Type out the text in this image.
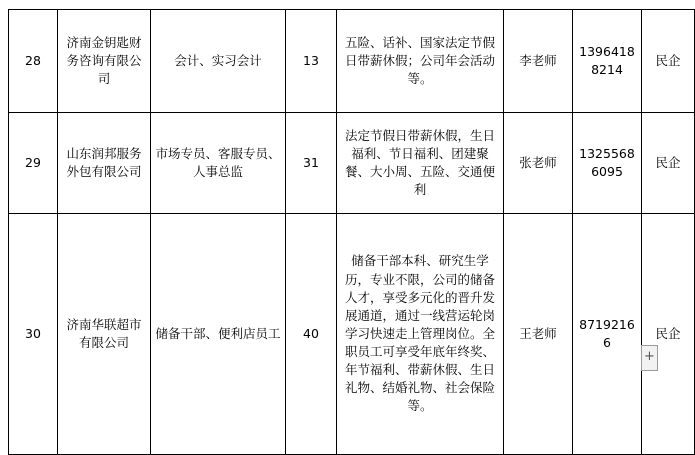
28	济南金钥匙财务咨询有限公司	会计、实习会计	13	五险、话补、国家法定节假日带薪休假；公司年会活动等。	李老师	13964188214	民企
29	山东润邦服务外包有限公司	市场专员、客服专员、人事总监	31	法定节假日带薪休假，生日福利、节日福利、团建聚餐、大小周、五险、交通便利	张老师	13255686095	民企
30	济南华联超市有限公司	储备干部、便利店员工	40	储备干部本科、研究生学历，专业不限，公司的储备人才，享受多元化的晋升发展通道，通过一线营运轮岗学习快速走上管理岗位。全职员工可享受年底年终奖、年节福利、带薪休假、生日礼物、结婚礼物、社会保险等。	王老师	87192166	民企
+
